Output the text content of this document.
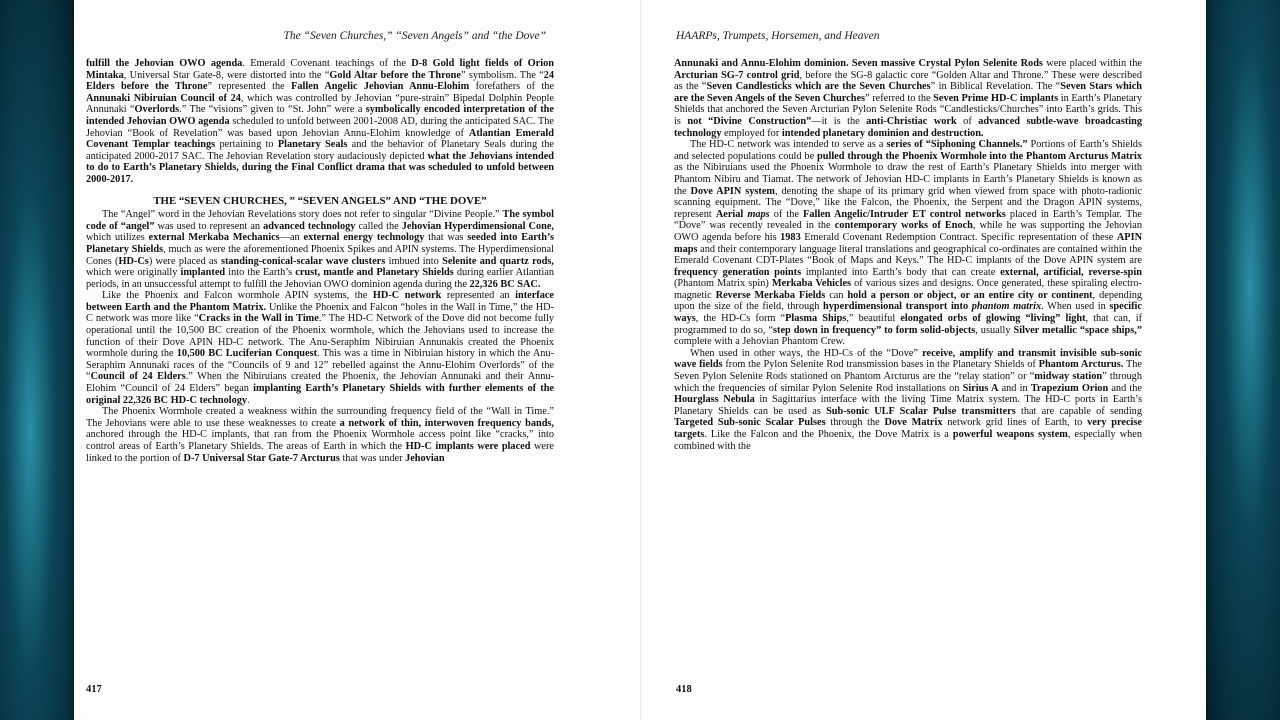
The “Seven Churches,” “Seven Angels” and “the Dove”

fulfill the Jehovian OWO agenda. Emerald Covenant teachings of the D-8 Gold light fields of Orion Mintaka, Universal Star Gate-8, were distorted into the “Gold Altar before the Throne” symbolism. The “24 Elders before the Throne” represented the Fallen Angelic Jehovian Annu-Elohim forefathers of the Annunaki Nibiruian Council of 24, which was controlled by Jehovian “pure-strain” Bipedal Dolphin People Annunaki “Overlords.” The “visions” given to “St. John” were a symbolically encoded interpretation of the intended Jehovian OWO agenda scheduled to unfold between 2001-2008 AD, during the anticipated SAC. The Jehovian “Book of Revelation” was based upon Jehovian Annu-Elohim knowledge of Atlantian Emerald Covenant Templar teachings pertaining to Planetary Seals and the behavior of Planetary Seals during the anticipated 2000-2017 SAC. The Jehovian Revelation story audaciously depicted what the Jehovians intended to do to Earth’s Planetary Shields, during the Final Conflict drama that was scheduled to unfold between 2000-2017.

THE “SEVEN CHURCHES, ” “SEVEN ANGELS” AND “THE DOVE”

The “Angel” word in the Jehovian Revelations story does not refer to singular “Divine People.” The symbol code of “angel” was used to represent an advanced technology called the Jehovian Hyperdimensional Cone, which utilizes external Merkaba Mechanics—an external energy technology that was seeded into Earth’s Planetary Shields, much as were the aforementioned Phoenix Spikes and APIN systems. The Hyperdimensional Cones (HD-Cs) were placed as standing-conical-scalar wave clusters imbued into Selenite and quartz rods, which were originally implanted into the Earth’s crust, mantle and Planetary Shields during earlier Atlantian periods, in an unsuccessful attempt to fulfill the Jehovian OWO dominion agenda during the 22,326 BC SAC.

Like the Phoenix and Falcon wormhole APIN systems, the HD-C network represented an interface between Earth and the Phantom Matrix. Unlike the Phoenix and Falcon “holes in the Wall in Time,” the HD-C network was more like “Cracks in the Wall in Time.” The HD-C Network of the Dove did not become fully operational until the 10,500 BC creation of the Phoenix wormhole, which the Jehovians used to increase the function of their Dove APIN HD-C network. The Anu-Seraphim Nibiruian Annunakis created the Phoenix wormhole during the 10,500 BC Luciferian Conquest. This was a time in Nibiruian history in which the Anu-Seraphim Annunaki races of the “Councils of 9 and 12” rebelled against the Annu-Elohim Overlords” of the “Council of 24 Elders.” When the Nibiruians created the Phoenix, the Jehovian Annunaki and their Annu-Elohim “Council of 24 Elders” began implanting Earth’s Planetary Shields with further elements of the original 22,326 BC HD-C technology.

The Phoenix Wormhole created a weakness within the surrounding frequency field of the “Wall in Time.” The Jehovians were able to use these weaknesses to create a network of thin, interwoven frequency bands, anchored through the HD-C implants, that ran from the Phoenix Wormhole access point like “cracks,” into control areas of Earth’s Planetary Shields. The areas of Earth in which the HD-C implants were placed were linked to the portion of D-7 Universal Star Gate-7 Arcturus that was under Jehovian

417
HAARPs, Trumpets, Horsemen, and Heaven

Annunaki and Annu-Elohim dominion. Seven massive Crystal Pylon Selenite Rods were placed within the Arcturian SG-7 control grid, before the SG-8 galactic core “Golden Altar and Throne.” These were described as the “Seven Candlesticks which are the Seven Churches” in Biblical Revelation. The “Seven Stars which are the Seven Angels of the Seven Churches” referred to the Seven Prime HD-C implants in Earth’s Planetary Shields that anchored the Seven Arcturian Pylon Selenite Rods “Candlesticks/Churches” into Earth’s grids. This is not “Divine Construction”—it is the anti-Christiac work of advanced subtle-wave broadcasting technology employed for intended planetary dominion and destruction.

The HD-C network was intended to serve as a series of “Siphoning Channels.” Portions of Earth’s Shields and selected populations could be pulled through the Phoenix Wormhole into the Phantom Arcturus Matrix as the Nibiruians used the Phoenix Wormhole to draw the rest of Earth’s Planetary Shields into merger with Phantom Nibiru and Tiamat. The network of Jehovian HD-C implants in Earth’s Planetary Shields is known as the Dove APIN system, denoting the shape of its primary grid when viewed from space with photo-radionic scanning equipment. The “Dove,” like the Falcon, the Phoenix, the Serpent and the Dragon APIN systems, represent Aerial maps of the Fallen Angelic/Intruder ET control networks placed in Earth’s Templar. The “Dove” was recently revealed in the contemporary works of Enoch, while he was supporting the Jehovian OWO agenda before his 1983 Emerald Covenant Redemption Contract. Specific representation of these APIN maps and their contemporary language literal translations and geographical co-ordinates are contained within the Emerald Covenant CDT-Plates “Book of Maps and Keys.” The HD-C implants of the Dove APIN system are frequency generation points implanted into Earth’s body that can create external, artificial, reverse-spin (Phantom Matrix spin) Merkaba Vehicles of various sizes and designs. Once generated, these spiraling electro-magnetic Reverse Merkaba Fields can hold a person or object, or an entire city or continent, depending upon the size of the field, through hyperdimensional transport into phantom matrix. When used in specific ways, the HD-Cs form “Plasma Ships,” beautiful elongated orbs of glowing “living” light, that can, if programmed to do so, “step down in frequency” to form solid-objects, usually Silver metallic “space ships,” complete with a Jehovian Phantom Crew.

When used in other ways, the HD-Cs of the “Dove” receive, amplify and transmit invisible sub-sonic wave fields from the Pylon Selenite Rod transmission bases in the Planetary Shields of Phantom Arcturus. The Seven Pylon Selenite Rods stationed on Phantom Arcturus are the “relay station” or “midway station” through which the frequencies of similar Pylon Selenite Rod installations on Sirius A and in Trapezium Orion and the Hourglass Nebula in Sagittarius interface with the living Time Matrix system. The HD-C ports in Earth’s Planetary Shields can be used as Sub-sonic ULF Scalar Pulse transmitters that are capable of sending Targeted Sub-sonic Scalar Pulses through the Dove Matrix network grid lines of Earth, to very precise targets. Like the Falcon and the Phoenix, the Dove Matrix is a powerful weapons system, especially when combined with the

418
